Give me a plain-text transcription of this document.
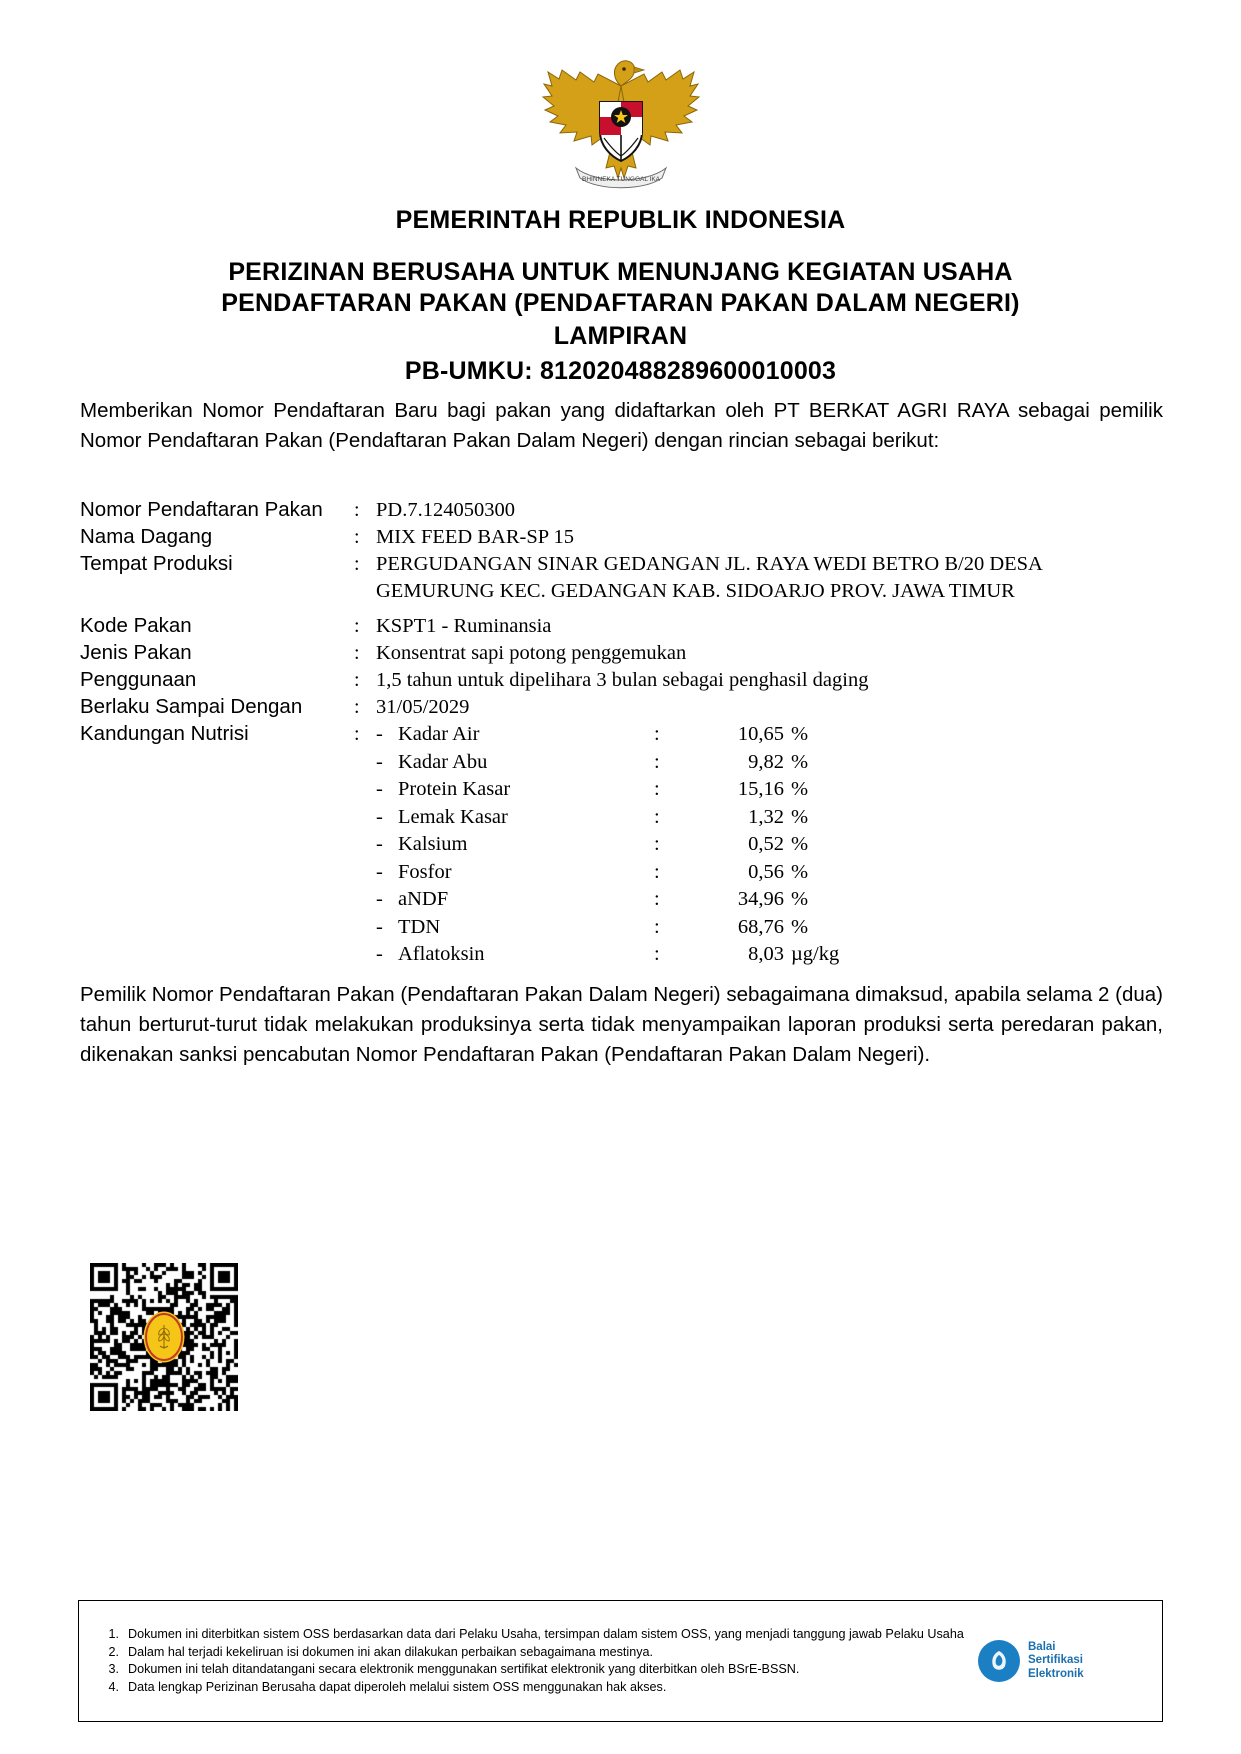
BHINNEKA TUNGGAL IKA
PEMERINTAH REPUBLIK INDONESIA
PERIZINAN BERUSAHA UNTUK MENUNJANG KEGIATAN USAHA
PENDAFTARAN PAKAN (PENDAFTARAN PAKAN DALAM NEGERI)
LAMPIRAN
PB-UMKU: 812020488289600010003
Memberikan Nomor Pendaftaran Baru bagi pakan yang didaftarkan oleh PT BERKAT AGRI RAYA sebagai pemilik Nomor Pendaftaran Pakan (Pendaftaran Pakan Dalam Negeri) dengan rincian sebagai berikut:
Nomor Pendaftaran Pakan	: PD.7.124050300
Nama Dagang	: MIX FEED BAR-SP 15
Tempat Produksi	: PERGUDANGAN SINAR GEDANGAN JL. RAYA WEDI BETRO B/20 DESA GEMURUNG KEC. GEDANGAN KAB. SIDOARJO PROV. JAWA TIMUR
Kode Pakan	: KSPT1 - Ruminansia
Jenis Pakan	: Konsentrat sapi potong penggemukan
Penggunaan	: 1,5 tahun untuk dipelihara 3 bulan sebagai penghasil daging
Berlaku Sampai Dengan	: 31/05/2029
Kandungan Nutrisi	: - Kadar Air	:	10,65 %
- Kadar Abu	:	9,82 %
- Protein Kasar	:	15,16 %
- Lemak Kasar	:	1,32 %
- Kalsium	:	0,52 %
- Fosfor	:	0,56 %
- aNDF	:	34,96 %
- TDN	:	68,76 %
- Aflatoksin	:	8,03 µg/kg
Pemilik Nomor Pendaftaran Pakan (Pendaftaran Pakan Dalam Negeri) sebagaimana dimaksud, apabila selama 2 (dua) tahun berturut-turut tidak melakukan produksinya serta tidak menyampaikan laporan produksi serta peredaran pakan, dikenakan sanksi pencabutan Nomor Pendaftaran Pakan (Pendaftaran Pakan Dalam Negeri).
1. Dokumen ini diterbitkan sistem OSS berdasarkan data dari Pelaku Usaha, tersimpan dalam sistem OSS, yang menjadi tanggung jawab Pelaku Usaha
2. Dalam hal terjadi kekeliruan isi dokumen ini akan dilakukan perbaikan sebagaimana mestinya.
3. Dokumen ini telah ditandatangani secara elektronik menggunakan sertifikat elektronik yang diterbitkan oleh BSrE-BSSN.
4. Data lengkap Perizinan Berusaha dapat diperoleh melalui sistem OSS menggunakan hak akses.
Balai
Sertifikasi
Elektronik
